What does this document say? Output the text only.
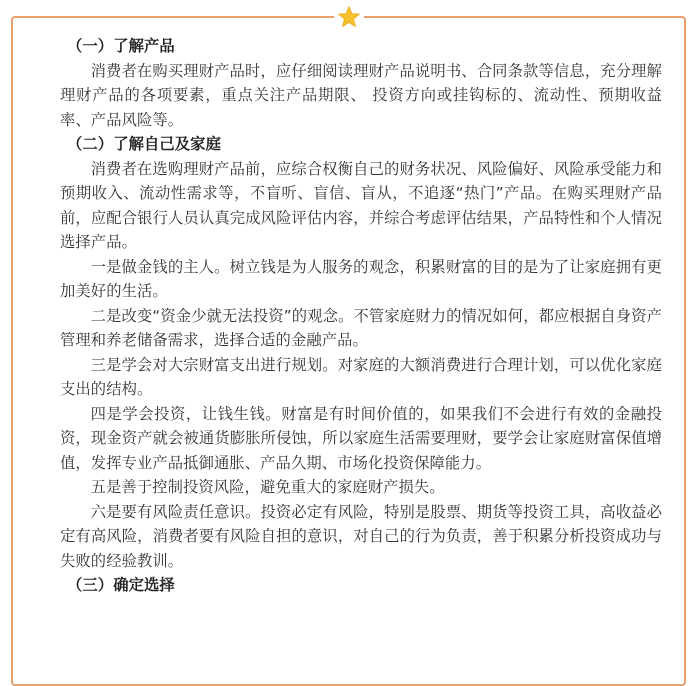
（一）了解产品

消费者在购买理财产品时，应仔细阅读理财产品说明书、合同条款等信息，充分理解理财产品的各项要素，重点关注产品期限、 投资方向或挂钩标的、流动性、预期收益率、产品风险等。

（二）了解自己及家庭

消费者在选购理财产品前，应综合权衡自己的财务状况、风险偏好、风险承受能力和预期收入、流动性需求等，不盲听、盲信、盲从，不追逐“热门”产品。在购买理财产品前，应配合银行人员认真完成风险评估内容，并综合考虑评估结果，产品特性和个人情况选择产品。

一是做金钱的主人。树立钱是为人服务的观念，积累财富的目的是为了让家庭拥有更加美好的生活。

二是改变“资金少就无法投资”的观念。不管家庭财力的情况如何，都应根据自身资产管理和养老储备需求，选择合适的金融产品。

三是学会对大宗财富支出进行规划。对家庭的大额消费进行合理计划，可以优化家庭支出的结构。

四是学会投资，让钱生钱。财富是有时间价值的，如果我们不会进行有效的金融投资，现金资产就会被通货膨胀所侵蚀，所以家庭生活需要理财，要学会让家庭财富保值增值，发挥专业产品抵御通胀、产品久期、市场化投资保障能力。

五是善于控制投资风险，避免重大的家庭财产损失。

六是要有风险责任意识。投资必定有风险，特别是股票、期货等投资工具，高收益必定有高风险，消费者要有风险自担的意识，对自己的行为负责，善于积累分析投资成功与失败的经验教训。

（三）确定选择
